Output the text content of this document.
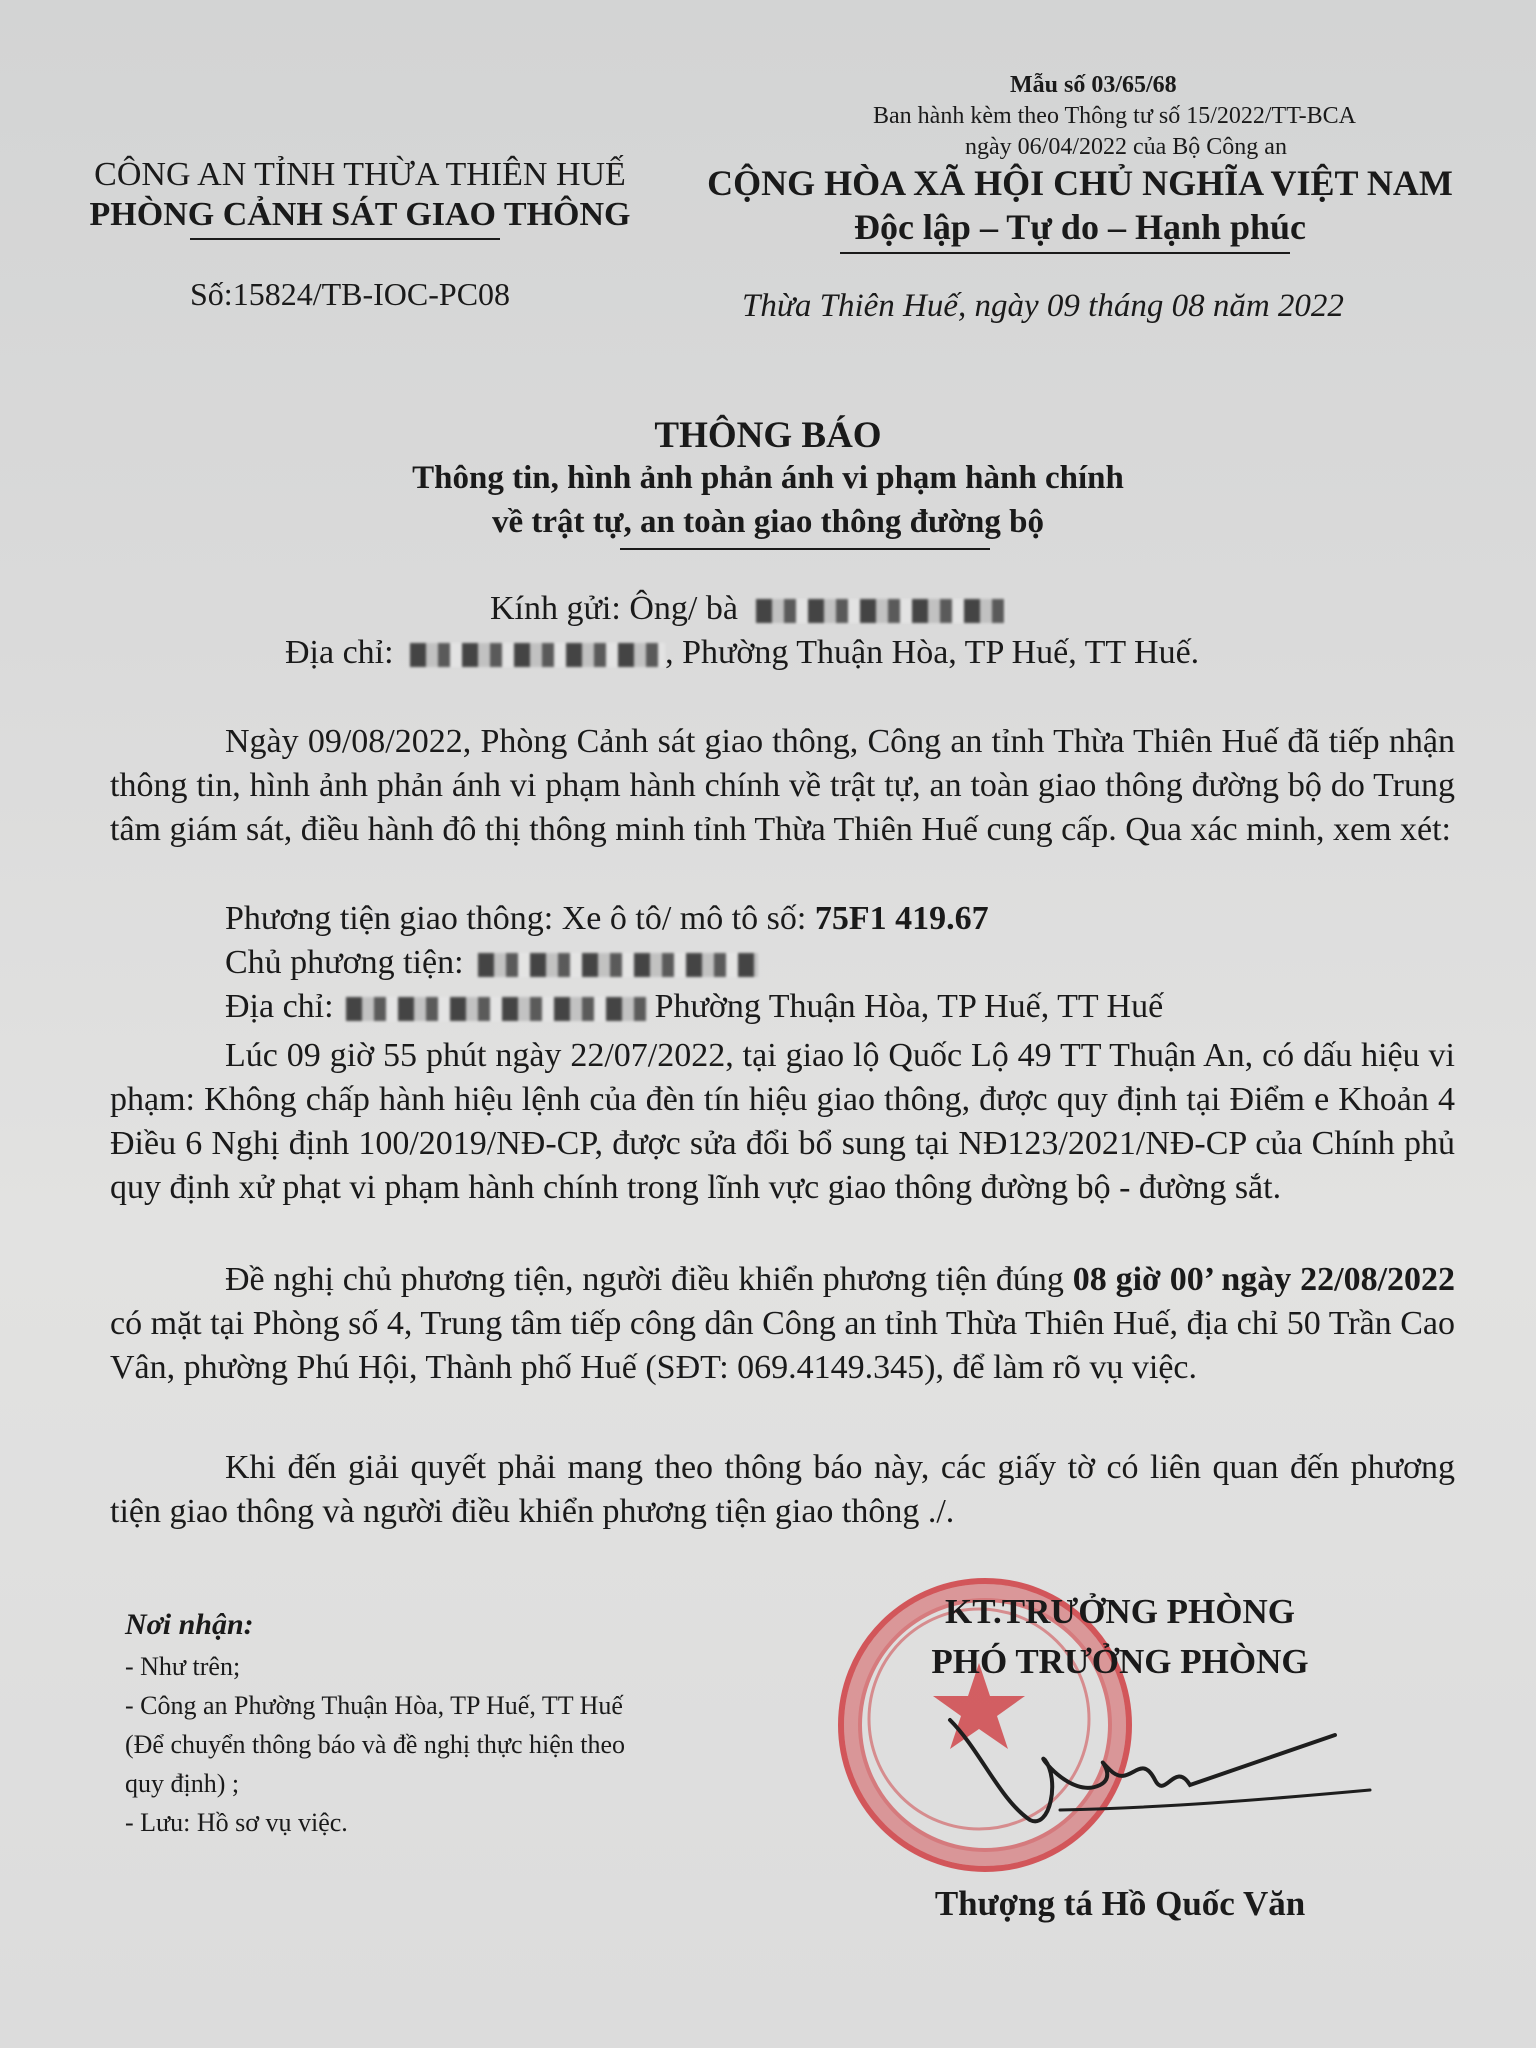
Mẫu số 03/65/68
Ban hành kèm theo Thông tư số 15/2022/TT-BCA
ngày 06/04/2022 của Bộ Công an
CÔNG AN TỈNH THỪA THIÊN HUẾ
PHÒNG CẢNH SÁT GIAO THÔNG
Số:15824/TB-IOC-PC08
CỘNG HÒA XÃ HỘI CHỦ NGHĨA VIỆT NAM
Độc lập – Tự do – Hạnh phúc
Thừa Thiên Huế, ngày 09 tháng 08 năm 2022
THÔNG BÁO
Thông tin, hình ảnh phản ánh vi phạm hành chính
về trật tự, an toàn giao thông đường bộ
Kính gửi: Ông/ bà
Địa chỉ:	, Phường Thuận Hòa, TP Huế, TT Huế.
Ngày 09/08/2022, Phòng Cảnh sát giao thông, Công an tỉnh Thừa Thiên Huế đã tiếp nhận thông tin, hình ảnh phản ánh vi phạm hành chính về trật tự, an toàn giao thông đường bộ do Trung tâm giám sát, điều hành đô thị thông minh tỉnh Thừa Thiên Huế cung cấp. Qua xác minh, xem xét:
Phương tiện giao thông: Xe ô tô/ mô tô số: 75F1 419.67
Chủ phương tiện:
Địa chỉ:	Phường Thuận Hòa, TP Huế, TT Huế
Lúc 09 giờ 55 phút ngày 22/07/2022, tại giao lộ Quốc Lộ 49 TT Thuận An, có dấu hiệu vi phạm: Không chấp hành hiệu lệnh của đèn tín hiệu giao thông, được quy định tại Điểm e Khoản 4 Điều 6 Nghị định 100/2019/NĐ-CP, được sửa đổi bổ sung tại NĐ123/2021/NĐ-CP của Chính phủ quy định xử phạt vi phạm hành chính trong lĩnh vực giao thông đường bộ - đường sắt.
Đề nghị chủ phương tiện, người điều khiển phương tiện đúng 08 giờ 00’ ngày 22/08/2022 có mặt tại Phòng số 4, Trung tâm tiếp công dân Công an tỉnh Thừa Thiên Huế, địa chỉ 50 Trần Cao Vân, phường Phú Hội, Thành phố Huế (SĐT: 069.4149.345), để làm rõ vụ việc.
Khi đến giải quyết phải mang theo thông báo này, các giấy tờ có liên quan đến phương tiện giao thông và người điều khiển phương tiện giao thông ./.
Nơi nhận:
- Như trên;
- Công an Phường Thuận Hòa, TP Huế, TT Huế
(Để chuyển thông báo và đề nghị thực hiện theo
quy định) ;
- Lưu: Hồ sơ vụ việc.
KT.TRƯỞNG PHÒNG
PHÓ TRƯỞNG PHÒNG
Thượng tá Hồ Quốc Văn
